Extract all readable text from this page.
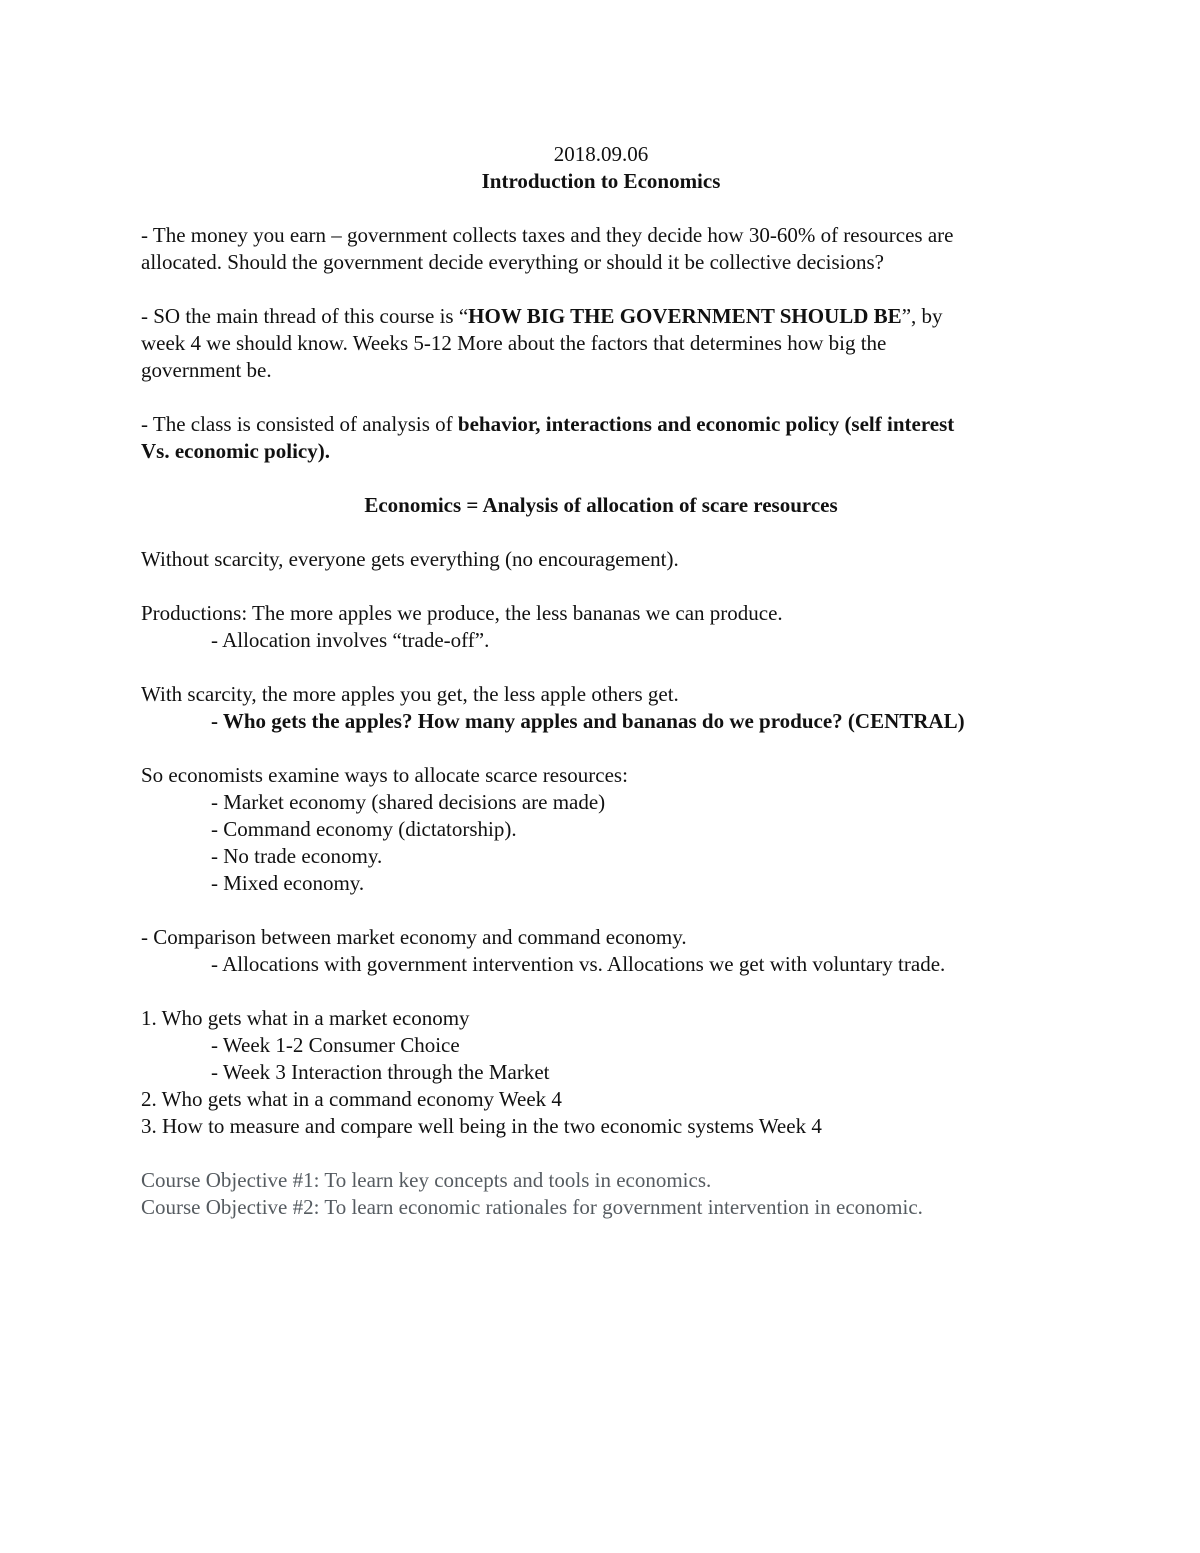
2018.09.06
Introduction to Economics
- The money you earn – government collects taxes and they decide how 30-60% of resources are
allocated. Should the government decide everything or should it be collective decisions?
- SO the main thread of this course is “HOW BIG THE GOVERNMENT SHOULD BE”, by
week 4 we should know. Weeks 5-12 More about the factors that determines how big the
government be.
- The class is consisted of analysis of behavior, interactions and economic policy (self interest
Vs. economic policy).
Economics = Analysis of allocation of scare resources
Without scarcity, everyone gets everything (no encouragement).
Productions: The more apples we produce, the less bananas we can produce.
- Allocation involves “trade-off”.
With scarcity, the more apples you get, the less apple others get.
- Who gets the apples? How many apples and bananas do we produce? (CENTRAL)
So economists examine ways to allocate scarce resources:
- Market economy (shared decisions are made)
- Command economy (dictatorship).
- No trade economy.
- Mixed economy.
- Comparison between market economy and command economy.
- Allocations with government intervention vs. Allocations we get with voluntary trade.
1. Who gets what in a market economy
- Week 1-2 Consumer Choice
- Week 3 Interaction through the Market
2. Who gets what in a command economy Week 4
3. How to measure and compare well being in the two economic systems Week 4
Course Objective #1: To learn key concepts and tools in economics.
Course Objective #2: To learn economic rationales for government intervention in economic.
